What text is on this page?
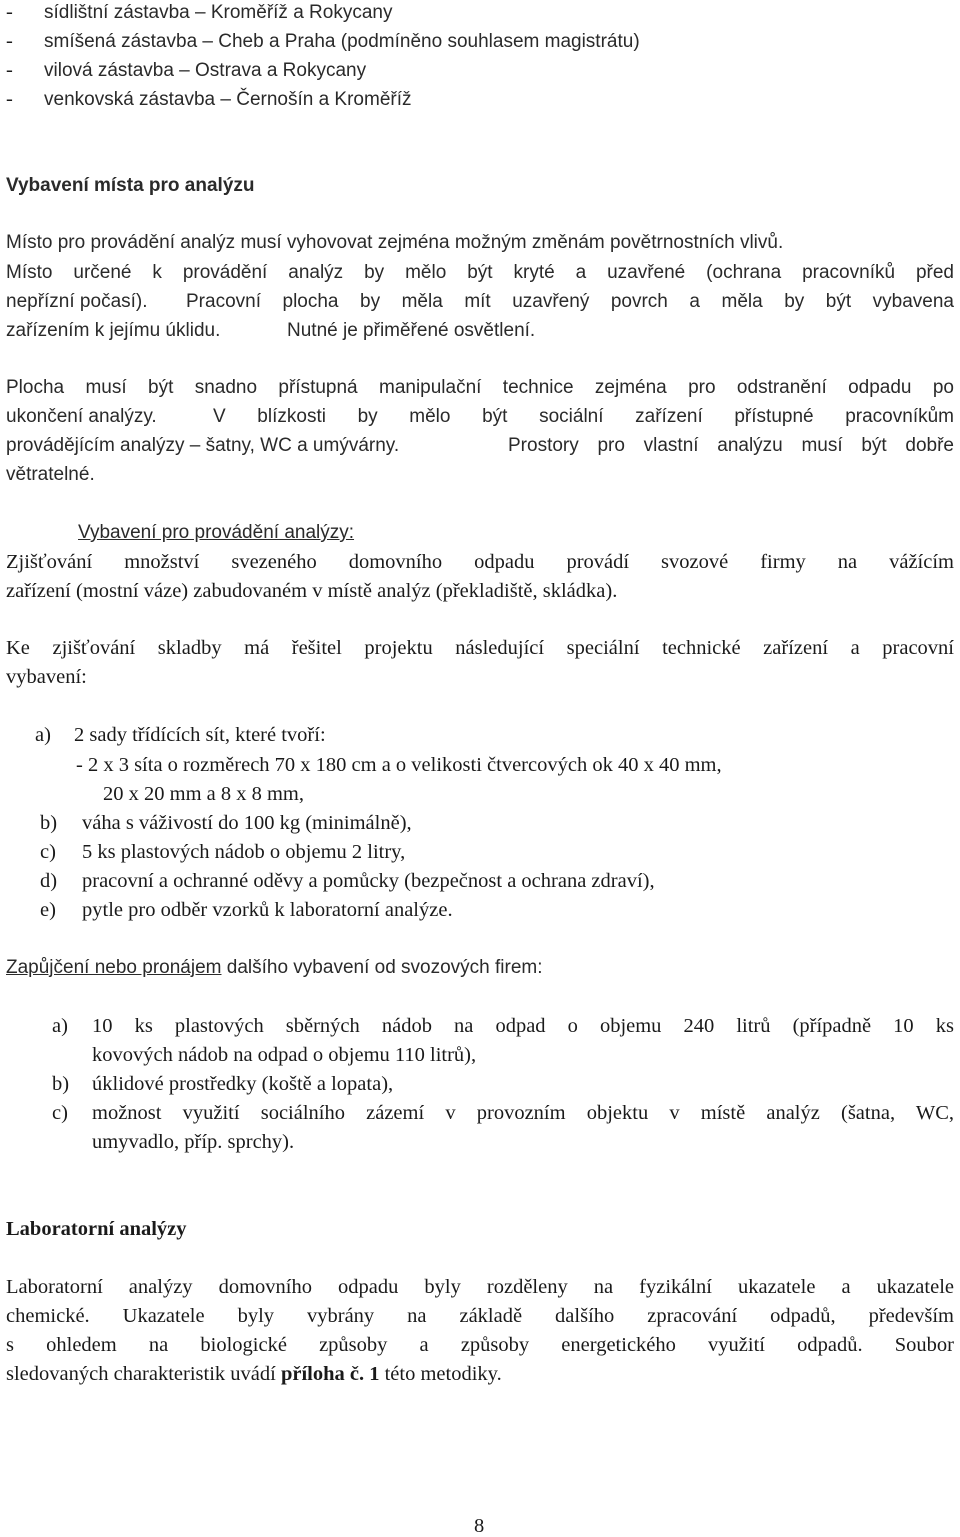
- sídlištní zástavba – Kroměříž a Rokycany
- smíšená zástavba – Cheb a Praha (podmíněno souhlasem magistrátu)
- vilová zástavba – Ostrava a Rokycany
- venkovská zástavba – Černošín a Kroměříž
Vybavení místa pro analýzu
Místo pro provádění analýz musí vyhovovat zejména možným změnám povětrnostních vlivů.
Místo určené k provádění analýz by mělo být kryté a uzavřené (ochrana pracovníků před
nepřízní počasí). Pracovní plocha by měla mít uzavřený povrch a měla by být vybavena
zařízením k jejímu úklidu.	Nutné je přiměřené osvětlení.
Plocha musí být snadno přístupná manipulační technice zejména pro odstranění odpadu po
ukončení analýzy.	V blízkosti by mělo být sociální zařízení přístupné pracovníkům
provádějícím analýzy – šatny, WC a umývárny.	Prostory pro vlastní analýzu musí být dobře
větratelné.
Vybavení pro provádění analýzy:
Zjišťování množství svezeného domovního odpadu provádí svozové firmy na vážícím
zařízení (mostní váze) zabudovaném v místě analýz (překladiště, skládka).
Ke zjišťování skladby má řešitel projektu následující speciální technické zařízení a pracovní
vybavení:
a) 2 sady třídících sít, které tvoří:
- 2 x 3 síta o rozměrech 70 x 180 cm a o velikosti čtvercových ok 40 x 40 mm,
20 x 20 mm a 8 x 8 mm,
b) váha s váživostí do 100 kg (minimálně),
c) 5 ks plastových nádob o objemu 2 litry,
d) pracovní a ochranné oděvy a pomůcky (bezpečnost a ochrana zdraví),
e) pytle pro odběr vzorků k laboratorní analýze.
Zapůjčení nebo pronájem dalšího vybavení od svozových firem:
a) 10 ks plastových sběrných nádob na odpad o objemu 240 litrů (případně 10 ks
kovových nádob na odpad o objemu 110 litrů),
b) úklidové prostředky (koště a lopata),
c) možnost využití sociálního zázemí v provozním objektu v místě analýz (šatna, WC,
umyvadlo, příp. sprchy).
Laboratorní analýzy
Laboratorní analýzy domovního odpadu byly rozděleny na fyzikální ukazatele a ukazatele
chemické. Ukazatele byly vybrány na základě dalšího zpracování odpadů, především
s ohledem na biologické způsoby a způsoby energetického využití odpadů. Soubor
sledovaných charakteristik uvádí příloha č. 1 této metodiky.
8
